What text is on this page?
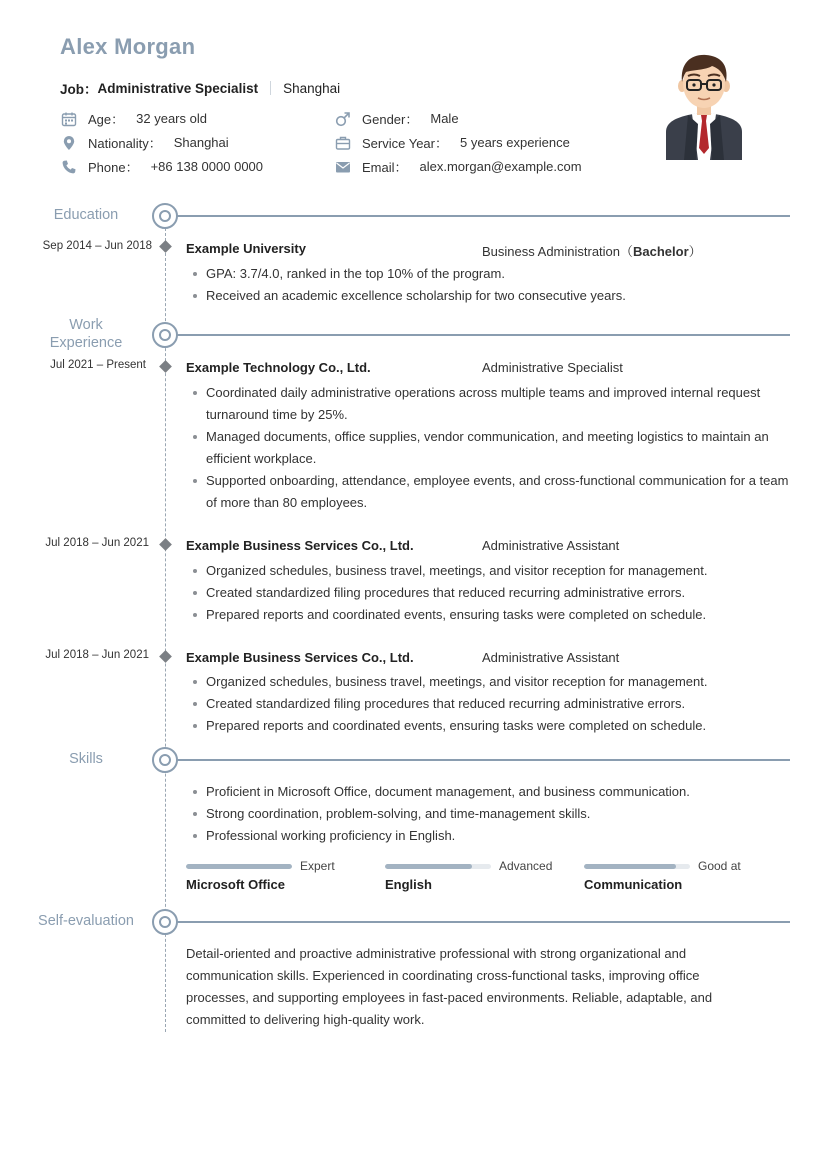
Alex Morgan
Job： Administrative Specialist Shanghai
Age： 32 years old	Gender： Male
Nationality： Shanghai	Service Year： 5 years experience
Phone： +86 138 0000 0000	Email： alex.morgan@example.com
Education
Sep 2014 – Jun 2018	Example University	Business Administration（Bachelor）
GPA: 3.7/4.0, ranked in the top 10% of the program.
Received an academic excellence scholarship for two consecutive years.
Work
Experience
Jul 2021 – Present	Example Technology Co., Ltd.	Administrative Specialist
Coordinated daily administrative operations across multiple teams and improved internal request turnaround time by 25%.
Managed documents, office supplies, vendor communication, and meeting logistics to maintain an efficient workplace.
Supported onboarding, attendance, employee events, and cross-functional communication for a team of more than 80 employees.
Jul 2018 – Jun 2021	Example Business Services Co., Ltd.	Administrative Assistant
Organized schedules, business travel, meetings, and visitor reception for management.
Created standardized filing procedures that reduced recurring administrative errors.
Prepared reports and coordinated events, ensuring tasks were completed on schedule.
Jul 2018 – Jun 2021	Example Business Services Co., Ltd.	Administrative Assistant
Organized schedules, business travel, meetings, and visitor reception for management.
Created standardized filing procedures that reduced recurring administrative errors.
Prepared reports and coordinated events, ensuring tasks were completed on schedule.
Skills
Proficient in Microsoft Office, document management, and business communication.
Strong coordination, problem-solving, and time-management skills.
Professional working proficiency in English.
Expert
Microsoft Office
Advanced
English
Good at
Communication
Self-evaluation
Detail-oriented and proactive administrative professional with strong organizational and communication skills. Experienced in coordinating cross-functional tasks, improving office processes, and supporting employees in fast-paced environments. Reliable, adaptable, and committed to delivering high-quality work.
